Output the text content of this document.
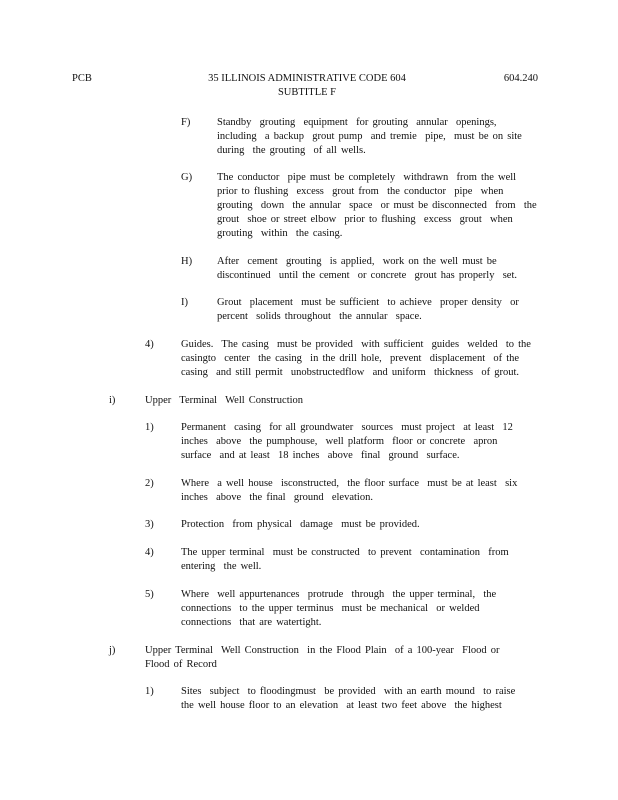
PCB	35 ILLINOIS ADMINISTRATIVE CODE 604
SUBTITLE F
604.240
F)	Standby  grouting  equipment  for grouting  annular  openings,
including  a backup  grout pump  and tremie  pipe,  must be on site
during  the grouting  of all wells.
G) The conductor  pipe must be completely  withdrawn  from the well
prior to flushing  excess  grout from  the conductor  pipe  when
grouting  down  the annular  space  or must be disconnected  from  the
grout  shoe or street elbow  prior to flushing  excess  grout  when
grouting  within  the casing.
H) After  cement  grouting  is applied,  work on the well must be
discontinued  until the cement  or concrete  grout has properly  set.
I)	Grout  placement  must be sufficient  to achieve  proper density  or
percent  solids throughout  the annular  space.
4)	Guides.  The casing  must be provided  with sufficient  guides  welded  to the
casingto  center  the casing  in the drill hole,  prevent  displacement  of the
casing  and still permit  unobstructedflow  and uniform  thickness  of grout.
i)	Upper  Terminal  Well Construction
1)	Permanent  casing  for all groundwater  sources  must project  at least  12
inches  above  the pumphouse,  well platform  floor or concrete  apron
surface  and at least  18 inches  above  final  ground  surface.
2)	Where  a well house  isconstructed,  the floor surface  must be at least  six
inches  above  the final  ground  elevation.
3)	Protection  from physical  damage  must be provided.
4)	The upper terminal  must be constructed  to prevent  contamination  from
entering  the well.
5)	Where  well appurtenances  protrude  through  the upper terminal,  the
connections  to the upper terminus  must be mechanical  or welded
connections  that are watertight.
j)	Upper Terminal  Well Construction  in the Flood Plain  of a 100-year  Flood or
Flood of Record
1)	Sites  subject  to floodingmust  be provided  with an earth mound  to raise
the well house floor to an elevation  at least two feet above  the highest
